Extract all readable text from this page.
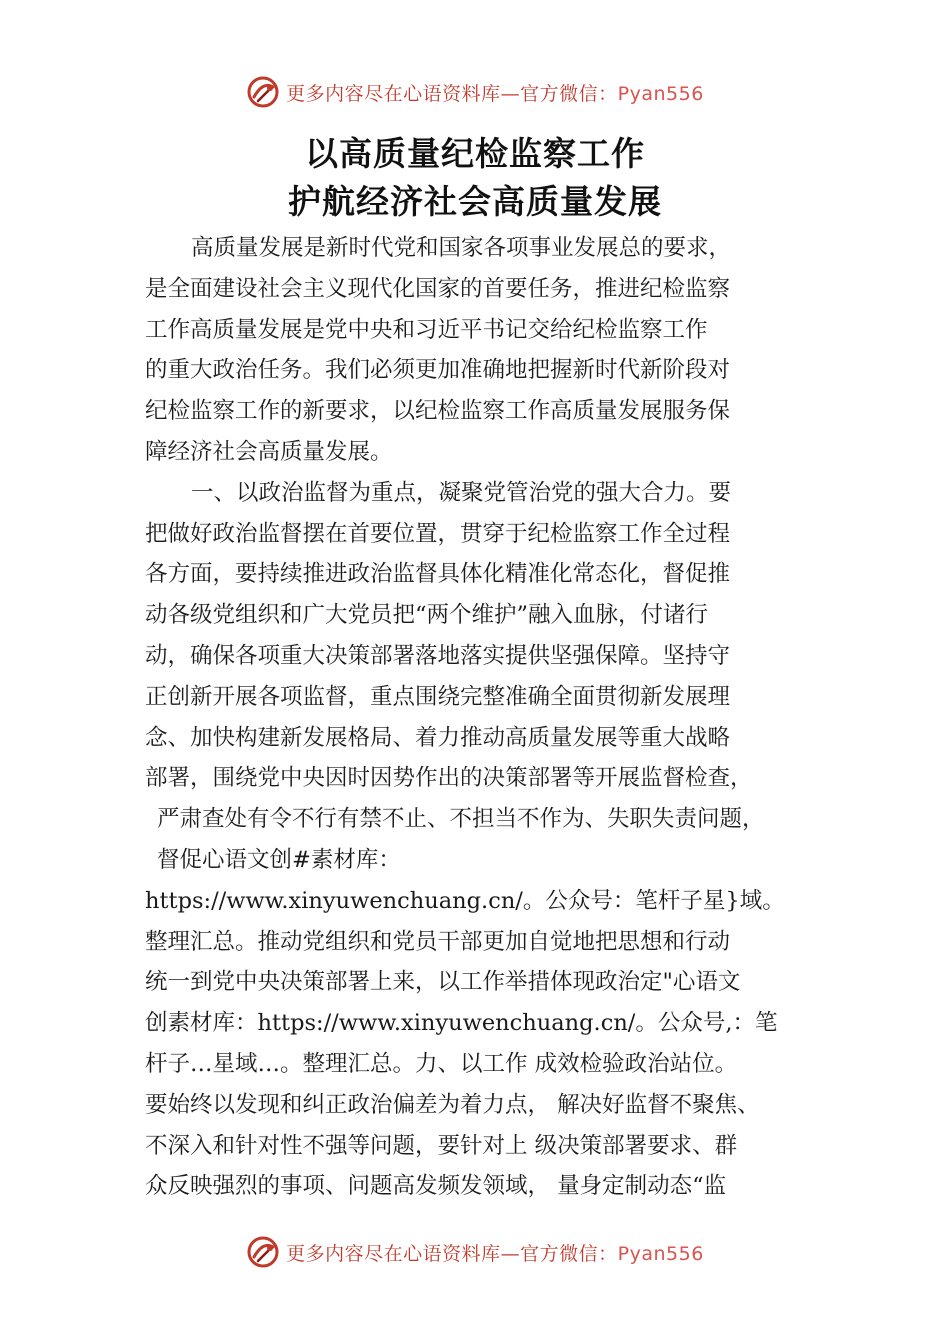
更多内容尽在心语资料库—官方微信：Pyan556
以高质量纪检监察工作
护航经济社会高质量发展
高质量发展是新时代党和国家各项事业发展总的要求，
是全面建设社会主义现代化国家的首要任务，推进纪检监察
工作高质量发展是党中央和习近平书记交给纪检监察工作
的重大政治任务。我们必须更加准确地把握新时代新阶段对
纪检监察工作的新要求，以纪检监察工作高质量发展服务保
障经济社会高质量发展。
一、以政治监督为重点，凝聚党管治党的强大合力。要
把做好政治监督摆在首要位置，贯穿于纪检监察工作全过程
各方面，要持续推进政治监督具体化精准化常态化，督促推
动各级党组织和广大党员把“两个维护”融入血脉，付诸行
动，确保各项重大决策部署落地落实提供坚强保障。坚持守
正创新开展各项监督，重点围绕完整准确全面贯彻新发展理
念、加快构建新发展格局、着力推动高质量发展等重大战略
部署，围绕党中央因时因势作出的决策部署等开展监督检查，
严肃查处有令不行有禁不止、不担当不作为、失职失责问题，
督促心语文创#素材库：
https://www.xinyuwenchuang.cn/。公众号：笔杆子星}域。
整理汇总。推动党组织和党员干部更加自觉地把思想和行动
统一到党中央决策部署上来，以工作举措体现政治定"心语文
创素材库：https://www.xinyuwenchuang.cn/。公众号,：笔
杆子…星域…。整理汇总。力、以工作 成效检验政治站位。
要始终以发现和纠正政治偏差为着力点， 解决好监督不聚焦、
不深入和针对性不强等问题，要针对上 级决策部署要求、群
众反映强烈的事项、问题高发频发领域， 量身定制动态“监
更多内容尽在心语资料库—官方微信：Pyan556
